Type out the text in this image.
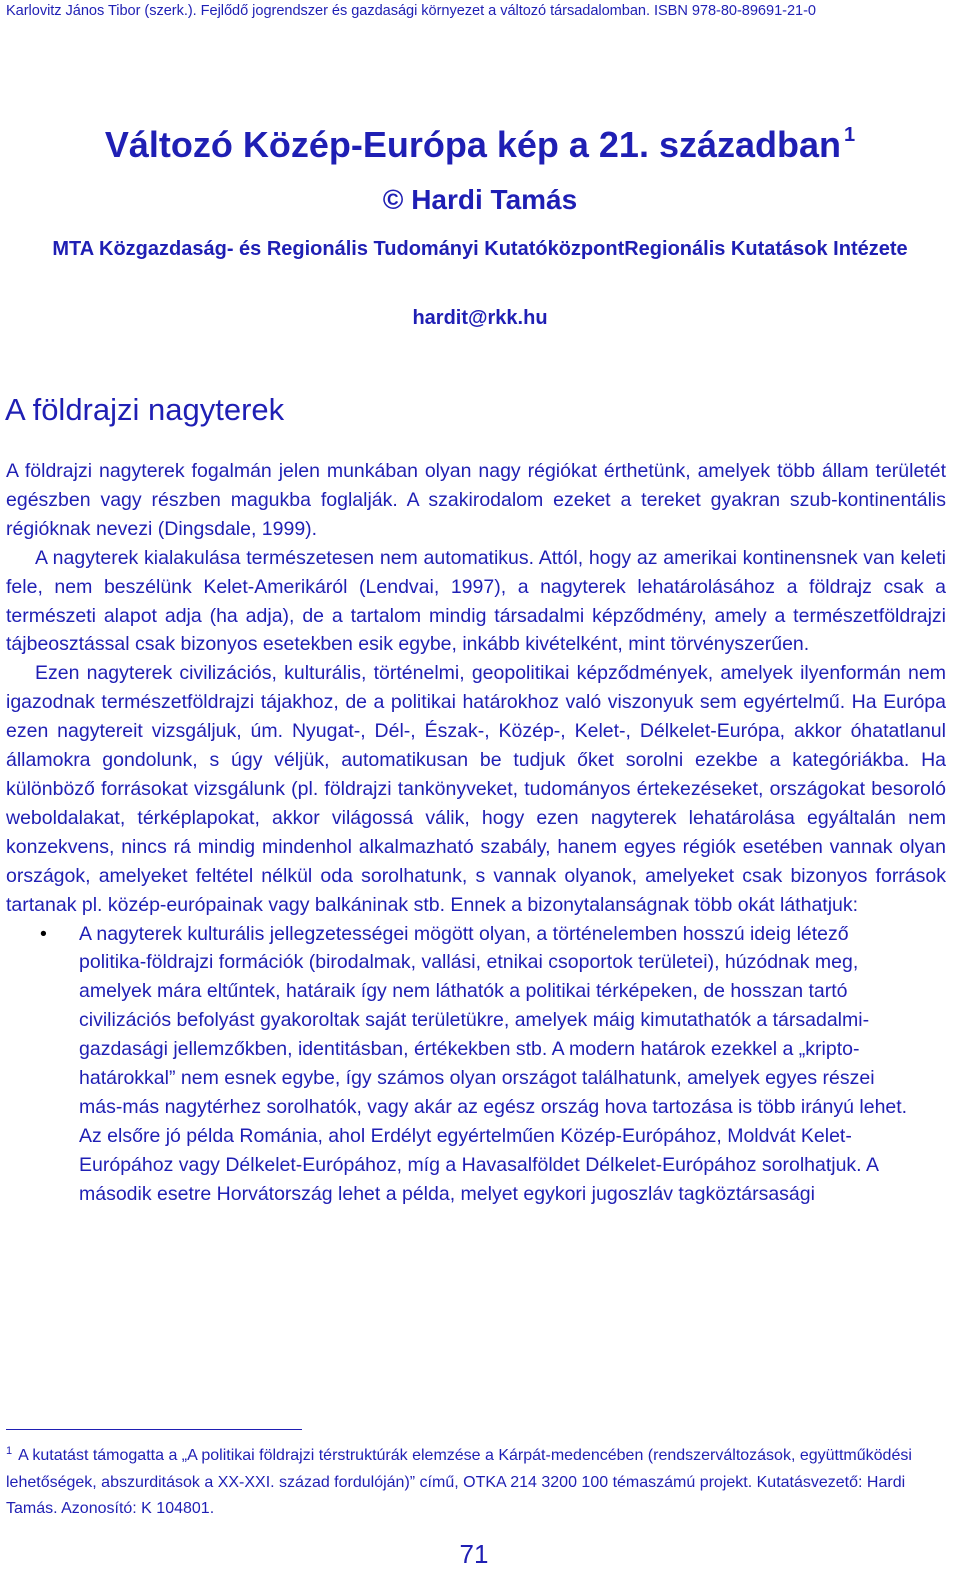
Karlovitz János Tibor (szerk.). Fejlődő jogrendszer és gazdasági környezet a változó társadalomban. ISBN 978-80-89691-21-0
Változó Közép-Európa kép a 21. században $^1$
© Hardi Tamás
MTA Közgazdaság- és Regionális Tudományi KutatóközpontRegionális Kutatások Intézete
hardit@rkk.hu
A földrajzi nagyterek

A földrajzi nagyterek fogalmán jelen munkában olyan nagy régiókat érthetünk, amelyek több állam területét egészben vagy részben magukba foglalják. A szakirodalom ezeket a tereket gyakran szub-kontinentális régióknak nevezi (Dingsdale, 1999).

A nagyterek kialakulása természetesen nem automatikus. Attól, hogy az amerikai kontinensnek van keleti fele, nem beszélünk Kelet-Amerikáról (Lendvai, 1997), a nagyterek lehatárolásához a földrajz csak a természeti alapot adja (ha adja), de a tartalom mindig társadalmi képződmény, amely a természetföldrajzi tájbeosztással csak bizonyos esetekben esik egybe, inkább kivételként, mint törvényszerűen.

Ezen nagyterek civilizációs, kulturális, történelmi, geopolitikai képződmények, amelyek ilyenformán nem igazodnak természetföldrajzi tájakhoz, de a politikai határokhoz való viszonyuk sem egyértelmű. Ha Európa ezen nagytereit vizsgáljuk, úm. Nyugat-, Dél-, Észak-, Közép-, Kelet-, Délkelet-Európa, akkor óhatatlanul államokra gondolunk, s úgy véljük, automatikusan be tudjuk őket sorolni ezekbe a kategóriákba. Ha különböző forrásokat vizsgálunk (pl. földrajzi tankönyveket, tudományos értekezéseket, országokat besoroló weboldalakat, térképlapokat, akkor világossá válik, hogy ezen nagyterek lehatárolása egyáltalán nem konzekvens, nincs rá mindig mindenhol alkalmazható szabály, hanem egyes régiók esetében vannak olyan országok, amelyeket feltétel nélkül oda sorolhatunk, s vannak olyanok, amelyeket csak bizonyos források tartanak pl. közép-európainak vagy balkáninak stb. Ennek a bizonytalanságnak több okát láthatjuk:

• A nagyterek kulturális jellegzetességei mögött olyan, a történelemben hosszú ideig létező politika-földrajzi formációk (birodalmak, vallási, etnikai csoportok területei), húzódnak meg, amelyek mára eltűntek, határaik így nem láthatók a politikai térképeken, de hosszan tartó civilizációs befolyást gyakoroltak saját területükre, amelyek máig kimutathatók a társadalmi-gazdasági jellemzőkben, identitásban, értékekben stb. A modern határok ezekkel a „kripto-határokkal” nem esnek egybe, így számos olyan országot találhatunk, amelyek egyes részei más-más nagytérhez sorolhatók, vagy akár az egész ország hova tartozása is több irányú lehet. Az elsőre jó példa Románia, ahol Erdélyt egyértelműen Közép-Európához, Moldvát Kelet-Európához vagy Délkelet-Európához, míg a Havasalföldet Délkelet-Európához sorolhatjuk. A második esetre Horvátország lehet a példa, melyet egykori jugoszláv tagköztársasági
$^1$ A kutatást támogatta a „A politikai földrajzi térstruktúrák elemzése a Kárpát-medencében (rendszerváltozások, együttműködési lehetőségek, abszurditások a XX-XXI. század fordulóján)” című, OTKA 214 3200 100 témaszámú projekt. Kutatásvezető: Hardi Tamás. Azonosító: K 104801.
71
